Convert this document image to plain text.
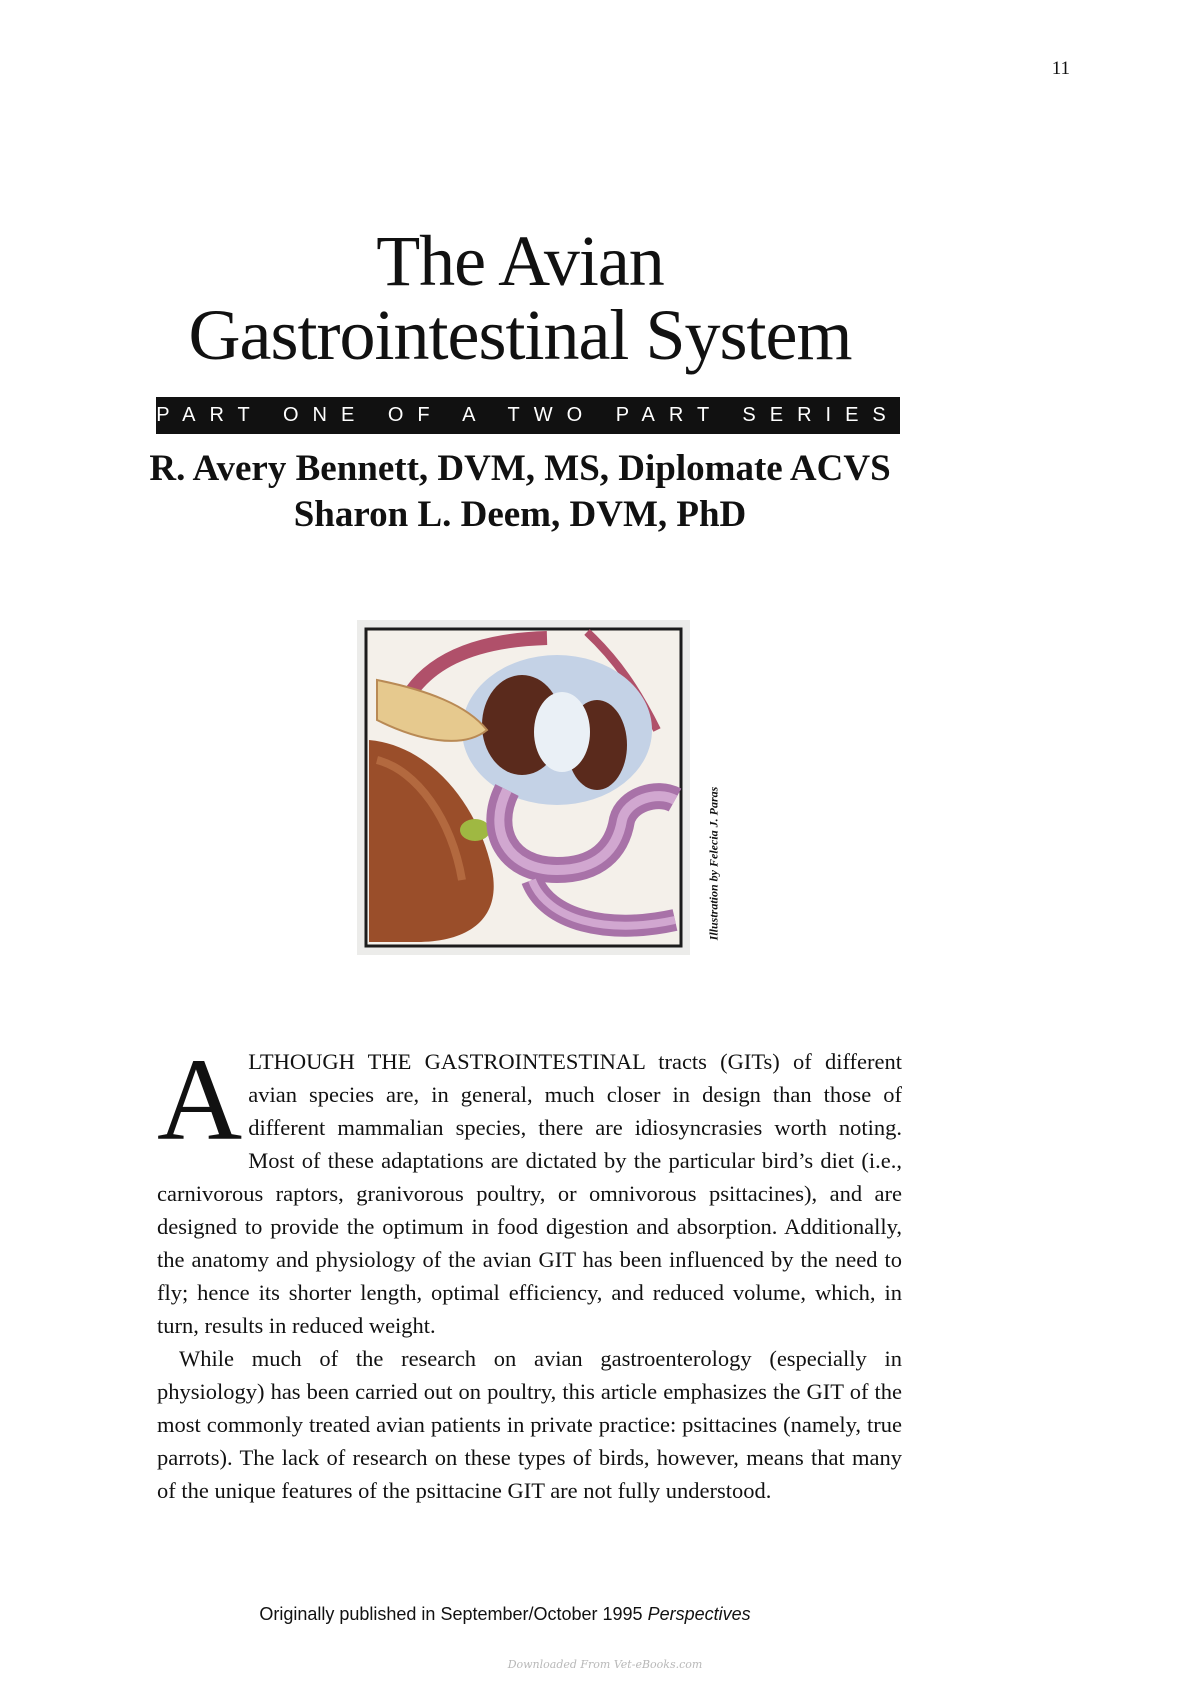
11
The Avian
Gastrointestinal System
PART ONE OF A TWO PART SERIES
R. Avery Bennett, DVM, MS, Diplomate ACVS
Sharon L. Deem, DVM, PhD
Illustration by Felecia J. Paras

ALTHOUGH THE GASTROINTESTINAL tracts (GITs) of different avian species are, in general, much closer in design than those of different mammalian species, there are idiosyncrasies worth noting. Most of these adaptations are dictated by the particular bird’s diet (i.e., carnivorous raptors, granivorous poultry, or omnivorous psittacines), and are designed to provide the optimum in food digestion and absorption. Additionally, the anatomy and physiology of the avian GIT has been influenced by the need to fly; hence its shorter length, optimal efficiency, and reduced volume, which, in turn, results in reduced weight.

While much of the research on avian gastroenterology (especially in physiology) has been carried out on poultry, this article emphasizes the GIT of the most commonly treated avian patients in private practice: psittacines (namely, true parrots). The lack of research on these types of birds, however, means that many of the unique features of the psittacine GIT are not fully understood.

Originally published in September/October 1995 Perspectives
Downloaded From Vet-eBooks.com
